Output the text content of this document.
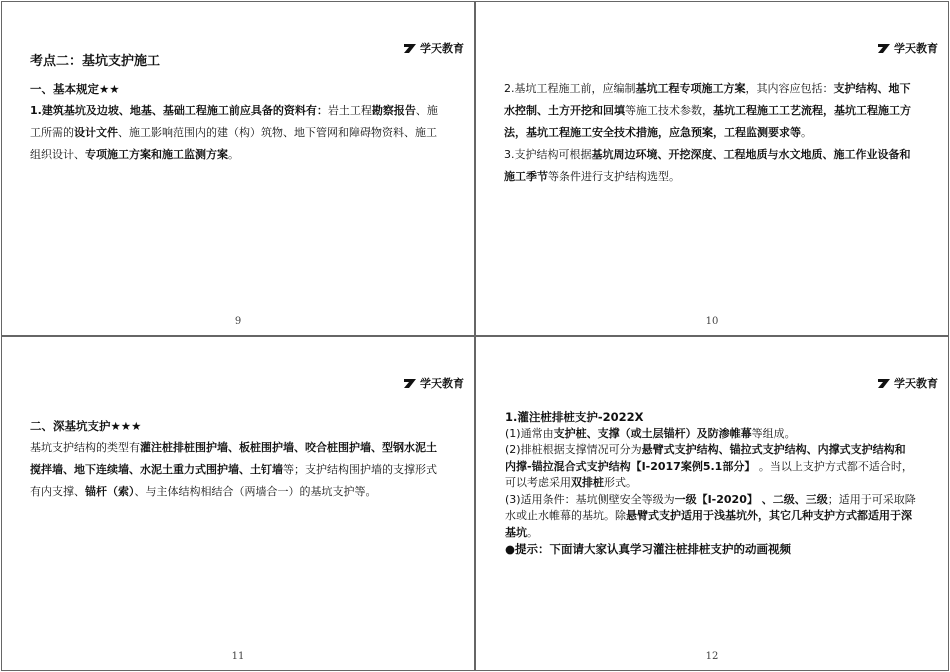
学天教育
考点二：基坑支护施工
一、基本规定★★

1.建筑基坑及边坡、地基、基础工程施工前应具备的资料有：岩土工程勘察报告、施工所需的设计文件、施工影响范围内的建（构）筑物、地下管网和障碍物资料、施工组织设计、专项施工方案和施工监测方案。

9
学天教育

2.基坑工程施工前，应编制基坑工程专项施工方案，其内容应包括：支护结构、地下水控制、土方开挖和回填等施工技术参数，基坑工程施工工艺流程，基坑工程施工方法，基坑工程施工安全技术措施，应急预案，工程监测要求等。

3.支护结构可根据基坑周边环境、开挖深度、工程地质与水文地质、施工作业设备和施工季节等条件进行支护结构选型。

10
学天教育
二、深基坑支护★★★

基坑支护结构的类型有灌注桩排桩围护墙、板桩围护墙、咬合桩围护墙、型钢水泥土搅拌墙、地下连续墙、水泥土重力式围护墙、土钉墙等；支护结构围护墙的支撑形式有内支撑、锚杆（索）、与主体结构相结合（两墙合一）的基坑支护等。

11
学天教育
1.灌注桩排桩支护-2022X

(1)通常由支护桩、支撑（或土层锚杆）及防渗帷幕等组成。

(2)排桩根据支撑情况可分为悬臂式支护结构、锚拉式支护结构、内撑式支护结构和内撑-锚拉混合式支护结构【Ⅰ-2017案例5.1部分】 。当以上支护方式都不适合时，可以考虑采用双排桩形式。

(3)适用条件：基坑侧壁安全等级为一级【Ⅰ-2020】 、二级、三级；适用于可采取降水或止水帷幕的基坑。除悬臂式支护适用于浅基坑外，其它几种支护方式都适用于深基坑。

●提示：下面请大家认真学习灌注桩排桩支护的动画视频

12
